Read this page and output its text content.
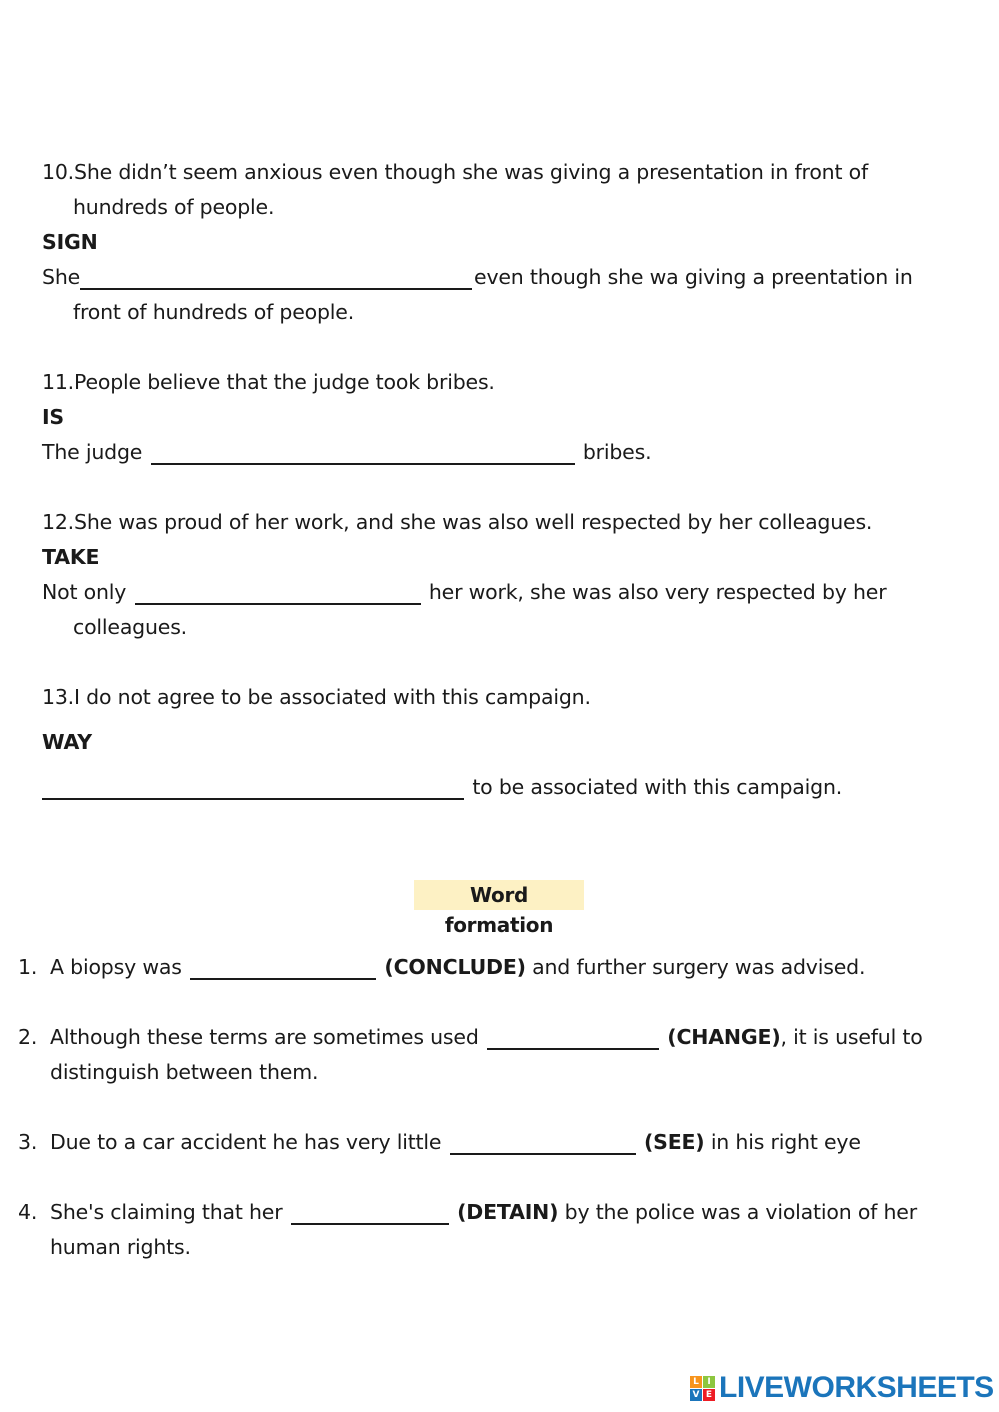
10.She didn’t seem anxious even though she was giving a presentation in front of
hundreds of people.
SIGN
She	even though she wa giving a preentation in
front of hundreds of people.
11.People believe that the judge took bribes.
IS
The judge	bribes.
12.She was proud of her work, and she was also well respected by her colleagues.
TAKE
Not only	her work, she was also very respected by her
colleagues.
13.I do not agree to be associated with this campaign.
WAY
to be associated with this campaign.
Word formation
1. A biopsy was	(CONCLUDE) and further surgery was advised.
2. Although these terms are sometimes used	(CHANGE), it is useful to
distinguish between them.
3. Due to a car accident he has very little	(SEE) in his right eye
4. She's claiming that her	(DETAIN) by the police was a violation of her
human rights.
L I
V E LIVEWORKSHEETS
